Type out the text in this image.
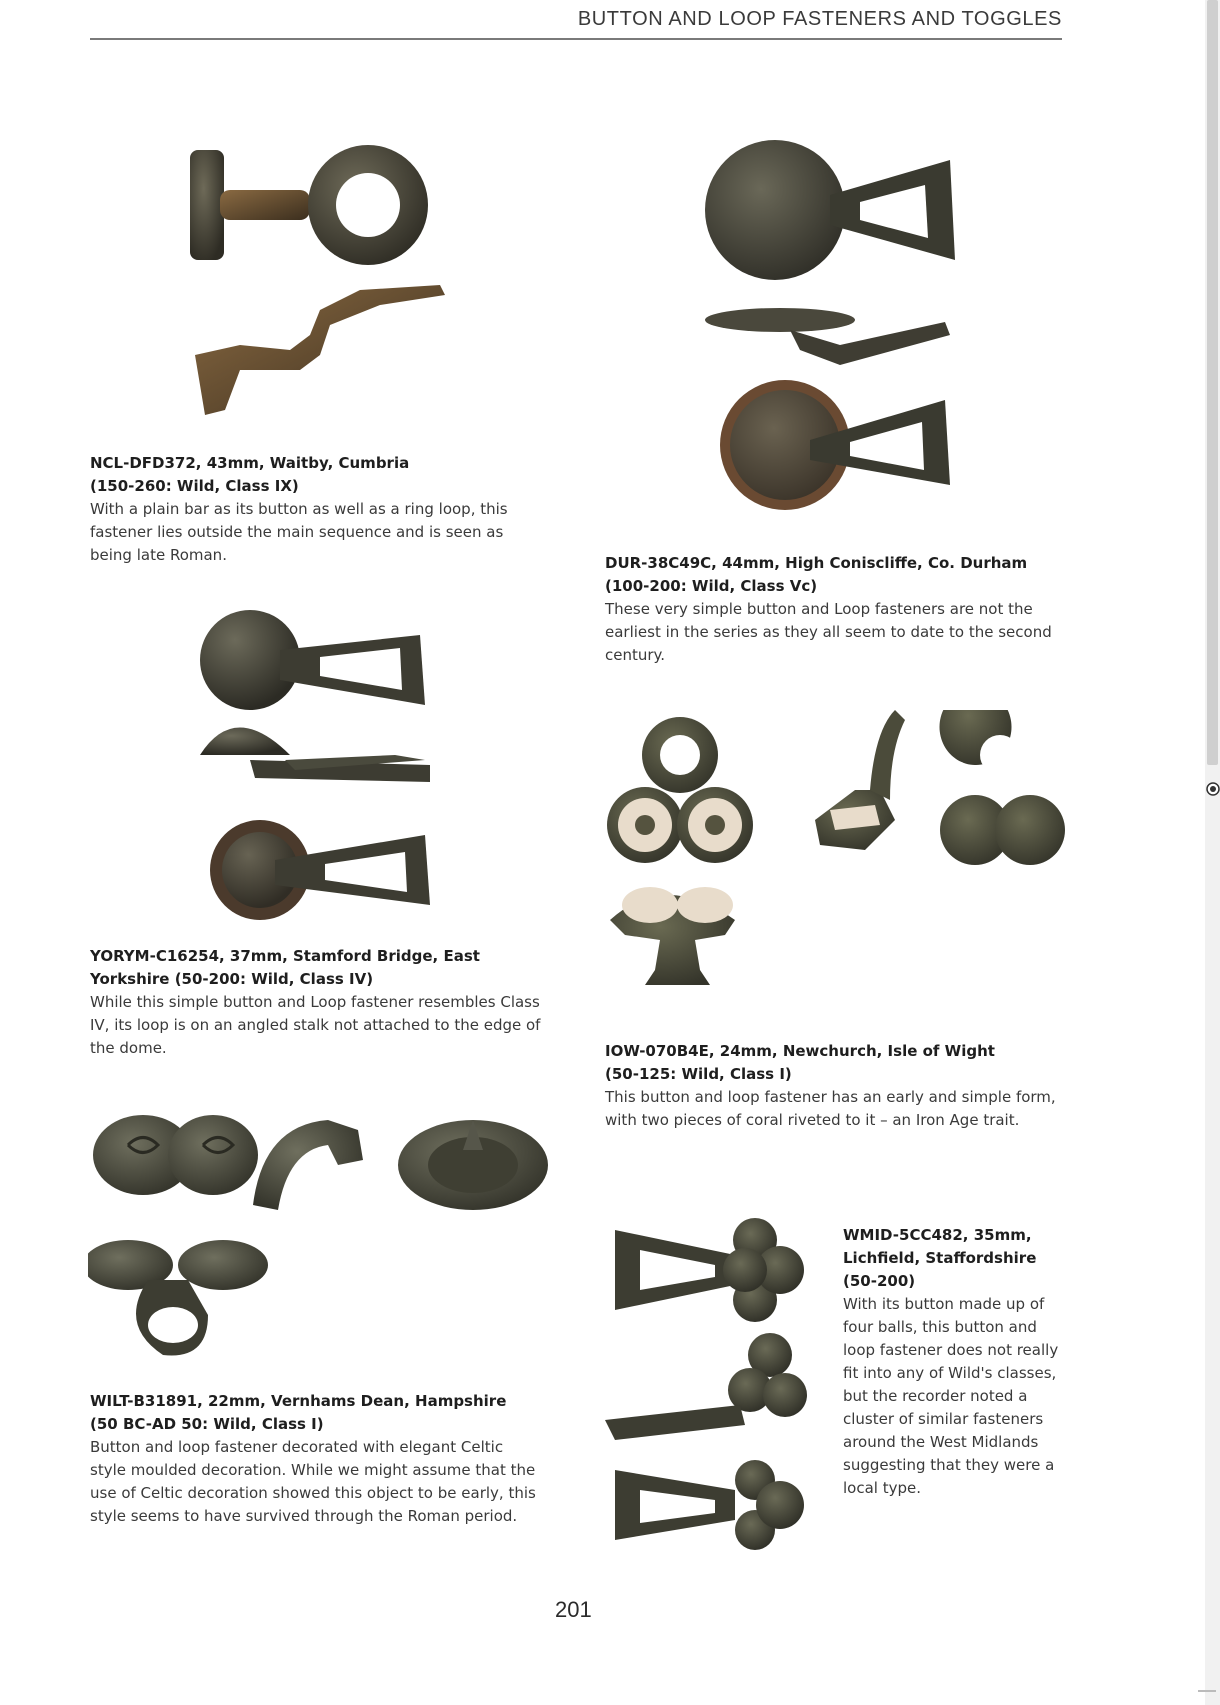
BUTTON AND LOOP FASTENERS AND TOGGLES
NCL-DFD372, 43mm, Waitby, Cumbria
(150-260: Wild, Class IX)
With a plain bar as its button as well as a ring loop, this fastener lies outside the main sequence and is seen as being late Roman.	DUR-38C49C, 44mm, High Coniscliffe, Co. Durham
(100-200: Wild, Class Vc)
These very simple button and Loop fasteners are not the earliest in the series as they all seem to date to the second century.
YORYM-C16254, 37mm, Stamford Bridge, East Yorkshire (50-200: Wild, Class IV)
While this simple button and Loop fastener resembles Class IV, its loop is on an angled stalk not attached to the edge of the dome.	IOW-070B4E, 24mm, Newchurch, Isle of Wight
(50-125: Wild, Class I)
This button and loop fastener has an early and simple form, with two pieces of coral riveted to it – an Iron Age trait.
WILT-B31891, 22mm, Vernhams Dean, Hampshire
(50 BC-AD 50: Wild, Class I)
Button and loop fastener decorated with elegant Celtic style moulded decoration. While we might assume that the use of Celtic decoration showed this object to be early, this style seems to have survived through the Roman period.
WMID-5CC482, 35mm, Lichfield, Staffordshire
(50-200)
With its button made up of four balls, this button and loop fastener does not really fit into any of Wild's classes, but the recorder noted a cluster of similar fasteners around the West Midlands suggesting that they were a local type.
201
